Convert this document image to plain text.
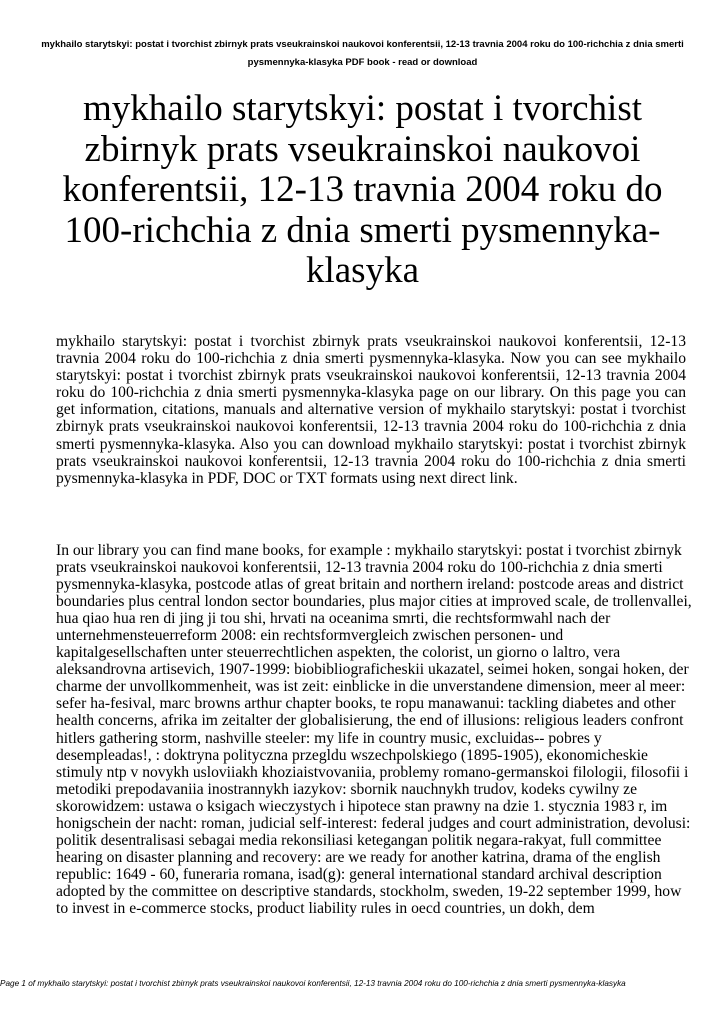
mykhailo starytskyi: postat i tvorchist zbirnyk prats vseukrainskoi naukovoi konferentsii, 12-13 travnia 2004 roku do 100-richchia z dnia smerti pysmennyka-klasyka PDF book - read or download
mykhailo starytskyi: postat i tvorchist zbirnyk prats vseukrainskoi naukovoi konferentsii, 12-13 travnia 2004 roku do 100-richchia z dnia smerti pysmennyka-klasyka

mykhailo starytskyi: postat i tvorchist zbirnyk prats vseukrainskoi naukovoi konferentsii, 12-13 travnia 2004 roku do 100-richchia z dnia smerti pysmennyka-klasyka. Now you can see mykhailo starytskyi: postat i tvorchist zbirnyk prats vseukrainskoi naukovoi konferentsii, 12-13 travnia 2004 roku do 100-richchia z dnia smerti pysmennyka-klasyka page on our library. On this page you can get information, citations, manuals and alternative version of mykhailo starytskyi: postat i tvorchist zbirnyk prats vseukrainskoi naukovoi konferentsii, 12-13 travnia 2004 roku do 100-richchia z dnia smerti pysmennyka-klasyka. Also you can download mykhailo starytskyi: postat i tvorchist zbirnyk prats vseukrainskoi naukovoi konferentsii, 12-13 travnia 2004 roku do 100-richchia z dnia smerti pysmennyka-klasyka in PDF, DOC or TXT formats using next direct link.

In our library you can find mane books, for example : mykhailo starytskyi: postat i tvorchist zbirnyk prats vseukrainskoi naukovoi konferentsii, 12-13 travnia 2004 roku do 100-richchia z dnia smerti pysmennyka-klasyka, postcode atlas of great britain and northern ireland: postcode areas and district boundaries plus central london sector boundaries, plus major cities at improved scale, de trollenvallei, hua qiao hua ren di jing ji tou shi, hrvati na oceanima smrti, die rechtsformwahl nach der unternehmensteuerreform 2008: ein rechtsformvergleich zwischen personen- und kapitalgesellschaften unter steuerrechtlichen aspekten, the colorist, un giorno o laltro, vera aleksandrovna artisevich, 1907-1999: biobibliograficheskii ukazatel, seimei hoken, songai hoken, der charme der unvollkommenheit, was ist zeit: einblicke in die unverstandene dimension, meer al meer: sefer ha-fesival, marc browns arthur chapter books, te ropu manawanui: tackling diabetes and other health concerns, afrika im zeitalter der globalisierung, the end of illusions: religious leaders confront hitlers gathering storm, nashville steeler: my life in country music, excluidas-- pobres y desempleadas!, : doktryna polityczna przegldu wszechpolskiego (1895-1905), ekonomicheskie stimuly ntp v novykh usloviiakh khoziaistvovaniia, problemy romano-germanskoi filologii, filosofii i metodiki prepodavaniia inostrannykh iazykov: sbornik nauchnykh trudov, kodeks cywilny ze skorowidzem: ustawa o ksigach wieczystych i hipotece stan prawny na dzie 1. stycznia 1983 r, im honigschein der nacht: roman, judicial self-interest: federal judges and court administration, devolusi: politik desentralisasi sebagai media rekonsiliasi ketegangan politik negara-rakyat, full committee hearing on disaster planning and recovery: are we ready for another katrina, drama of the english republic: 1649 - 60, funeraria romana, isad(g): general international standard archival description adopted by the committee on descriptive standards, stockholm, sweden, 19-22 september 1999, how to invest in e-commerce stocks, product liability rules in oecd countries, un dokh, dem

Page 1 of mykhailo starytskyi: postat i tvorchist zbirnyk prats vseukrainskoi naukovoi konferentsii, 12-13 travnia 2004 roku do 100-richchia z dnia smerti pysmennyka-klasyka
